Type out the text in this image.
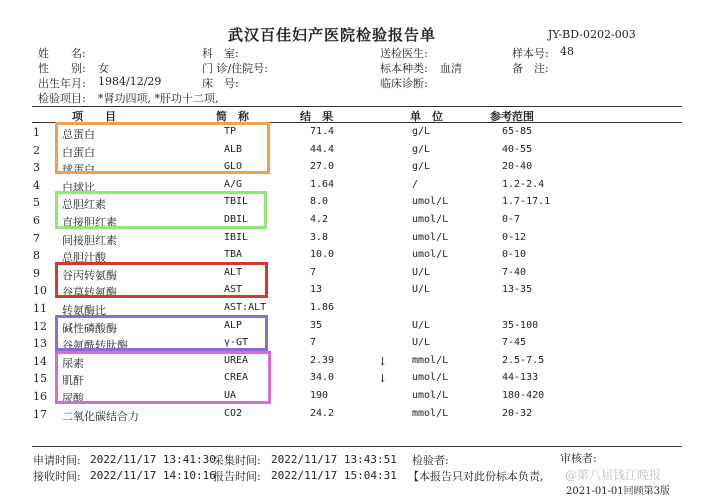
武汉百佳妇产医院检验报告单	JY-BD-0202-003
姓　　名:	科　室:	送检医生:	样本号: 48
性　　别: 女	门 诊/住院号:	标本种类: 血清	备　注:
出生年月: 1984/12/29	床　号:	临床诊断:
检验项目: *肾功四项, *肝功十二项,
项　　目	简　称	结　果	单　位	参考范围
1 总蛋白	TP	71.4	g/L	65-85
2 白蛋白	ALB	44.4	g/L	40-55
3 球蛋白	GLO	27.0	g/L	20-40
4 白球比	A/G	1.64	/	1.2-2.4
5 总胆红素	TBIL	8.0	umol/L	1.7-17.1
6 直接胆红素	DBIL	4.2	umol/L	0-7
7 间接胆红素	IBIL	3.8	umol/L	0-12
8 总胆汁酸	TBA	10.0	umol/L	0-10
9 谷丙转氨酶	ALT	7	U/L	7-40
10 谷草转氨酶	AST	13	U/L	13-35
11 转氨酶比	AST:ALT	1.86
12 碱性磷酸酶	ALP	35	U/L	35-100
13 谷氨酰转肽酶	γ-GT	7	U/L	7-45
14 尿素	UREA	2.39	↓ mmol/L	2.5-7.5
15 肌酐	CREA	34.0	↓ umol/L	44-133
16 尿酸	UA	190	umol/L	180-420
17 二氧化碳结合力	CO2	24.2	mmol/L	20-32
申请时间: 2022/11/17 13:41:30
采集时间: 2022/11/17 13:43:51 检验者:	审核者:
接收时间: 2022/11/17 14:10:16
报告时间: 2022/11/17 15:04:31 【本报告只对此份标本负责, @第八届钱江晚报
2021-01-01回顾第3版
